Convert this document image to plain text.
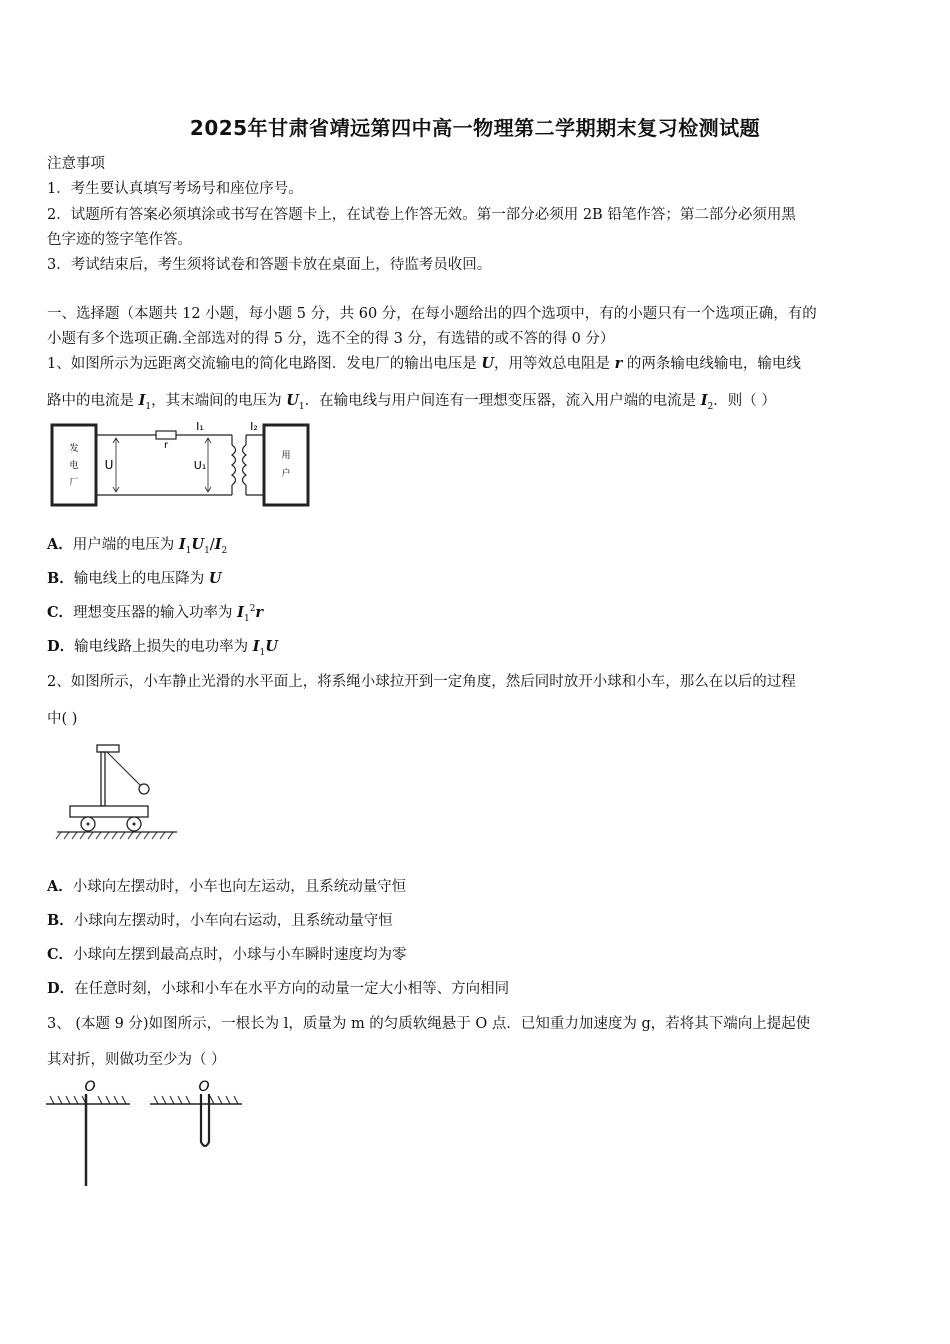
2025年甘肃省靖远第四中高一物理第二学期期末复习检测试题
注意事项
1．考生要认真填写考场号和座位序号。
2．试题所有答案必须填涂或书写在答题卡上，在试卷上作答无效。第一部分必须用 2B 铅笔作答；第二部分必须用黑
色字迹的签字笔作答。
3．考试结束后，考生须将试卷和答题卡放在桌面上，待监考员收回。
一、选择题（本题共 12 小题，每小题 5 分，共 60 分，在每小题给出的四个选项中，有的小题只有一个选项正确，有的
小题有多个选项正确.全部选对的得 5 分，选不全的得 3 分，有选错的或不答的得 0 分）
1、如图所示为远距离交流输电的简化电路图．发电厂的输出电压是 U，用等效总电阻是 r 的两条输电线输电，输电线
路中的电流是 $I_1$，其末端间的电压为 $U_1$．在输电线与用户间连有一理想变压器，流入用户端的电流是 $I_2$．则（ ）
发
电
厂
r
I₁
U	U₁
I₂
用
户
A．用户端的电压为 $I_1U_1/I_2$
B．输电线上的电压降为 U
C．理想变压器的输入功率为 $I_1^2r$
D．输电线路上损失的电功率为 $I_1U$
2、如图所示，小车静止光滑的水平面上，将系绳小球拉开到一定角度，然后同时放开小球和小车，那么在以后的过程
中( )
A．小球向左摆动时，小车也向左运动，且系统动量守恒
B．小球向左摆动时，小车向右运动，且系统动量守恒
C．小球向左摆到最高点时，小球与小车瞬时速度均为零
D．在任意时刻，小球和小车在水平方向的动量一定大小相等、方向相同
3、 (本题 9 分)如图所示，一根长为 l，质量为 m 的匀质软绳悬于 O 点．已知重力加速度为 g，若将其下端向上提起使
其对折，则做功至少为（ ）
O	O
